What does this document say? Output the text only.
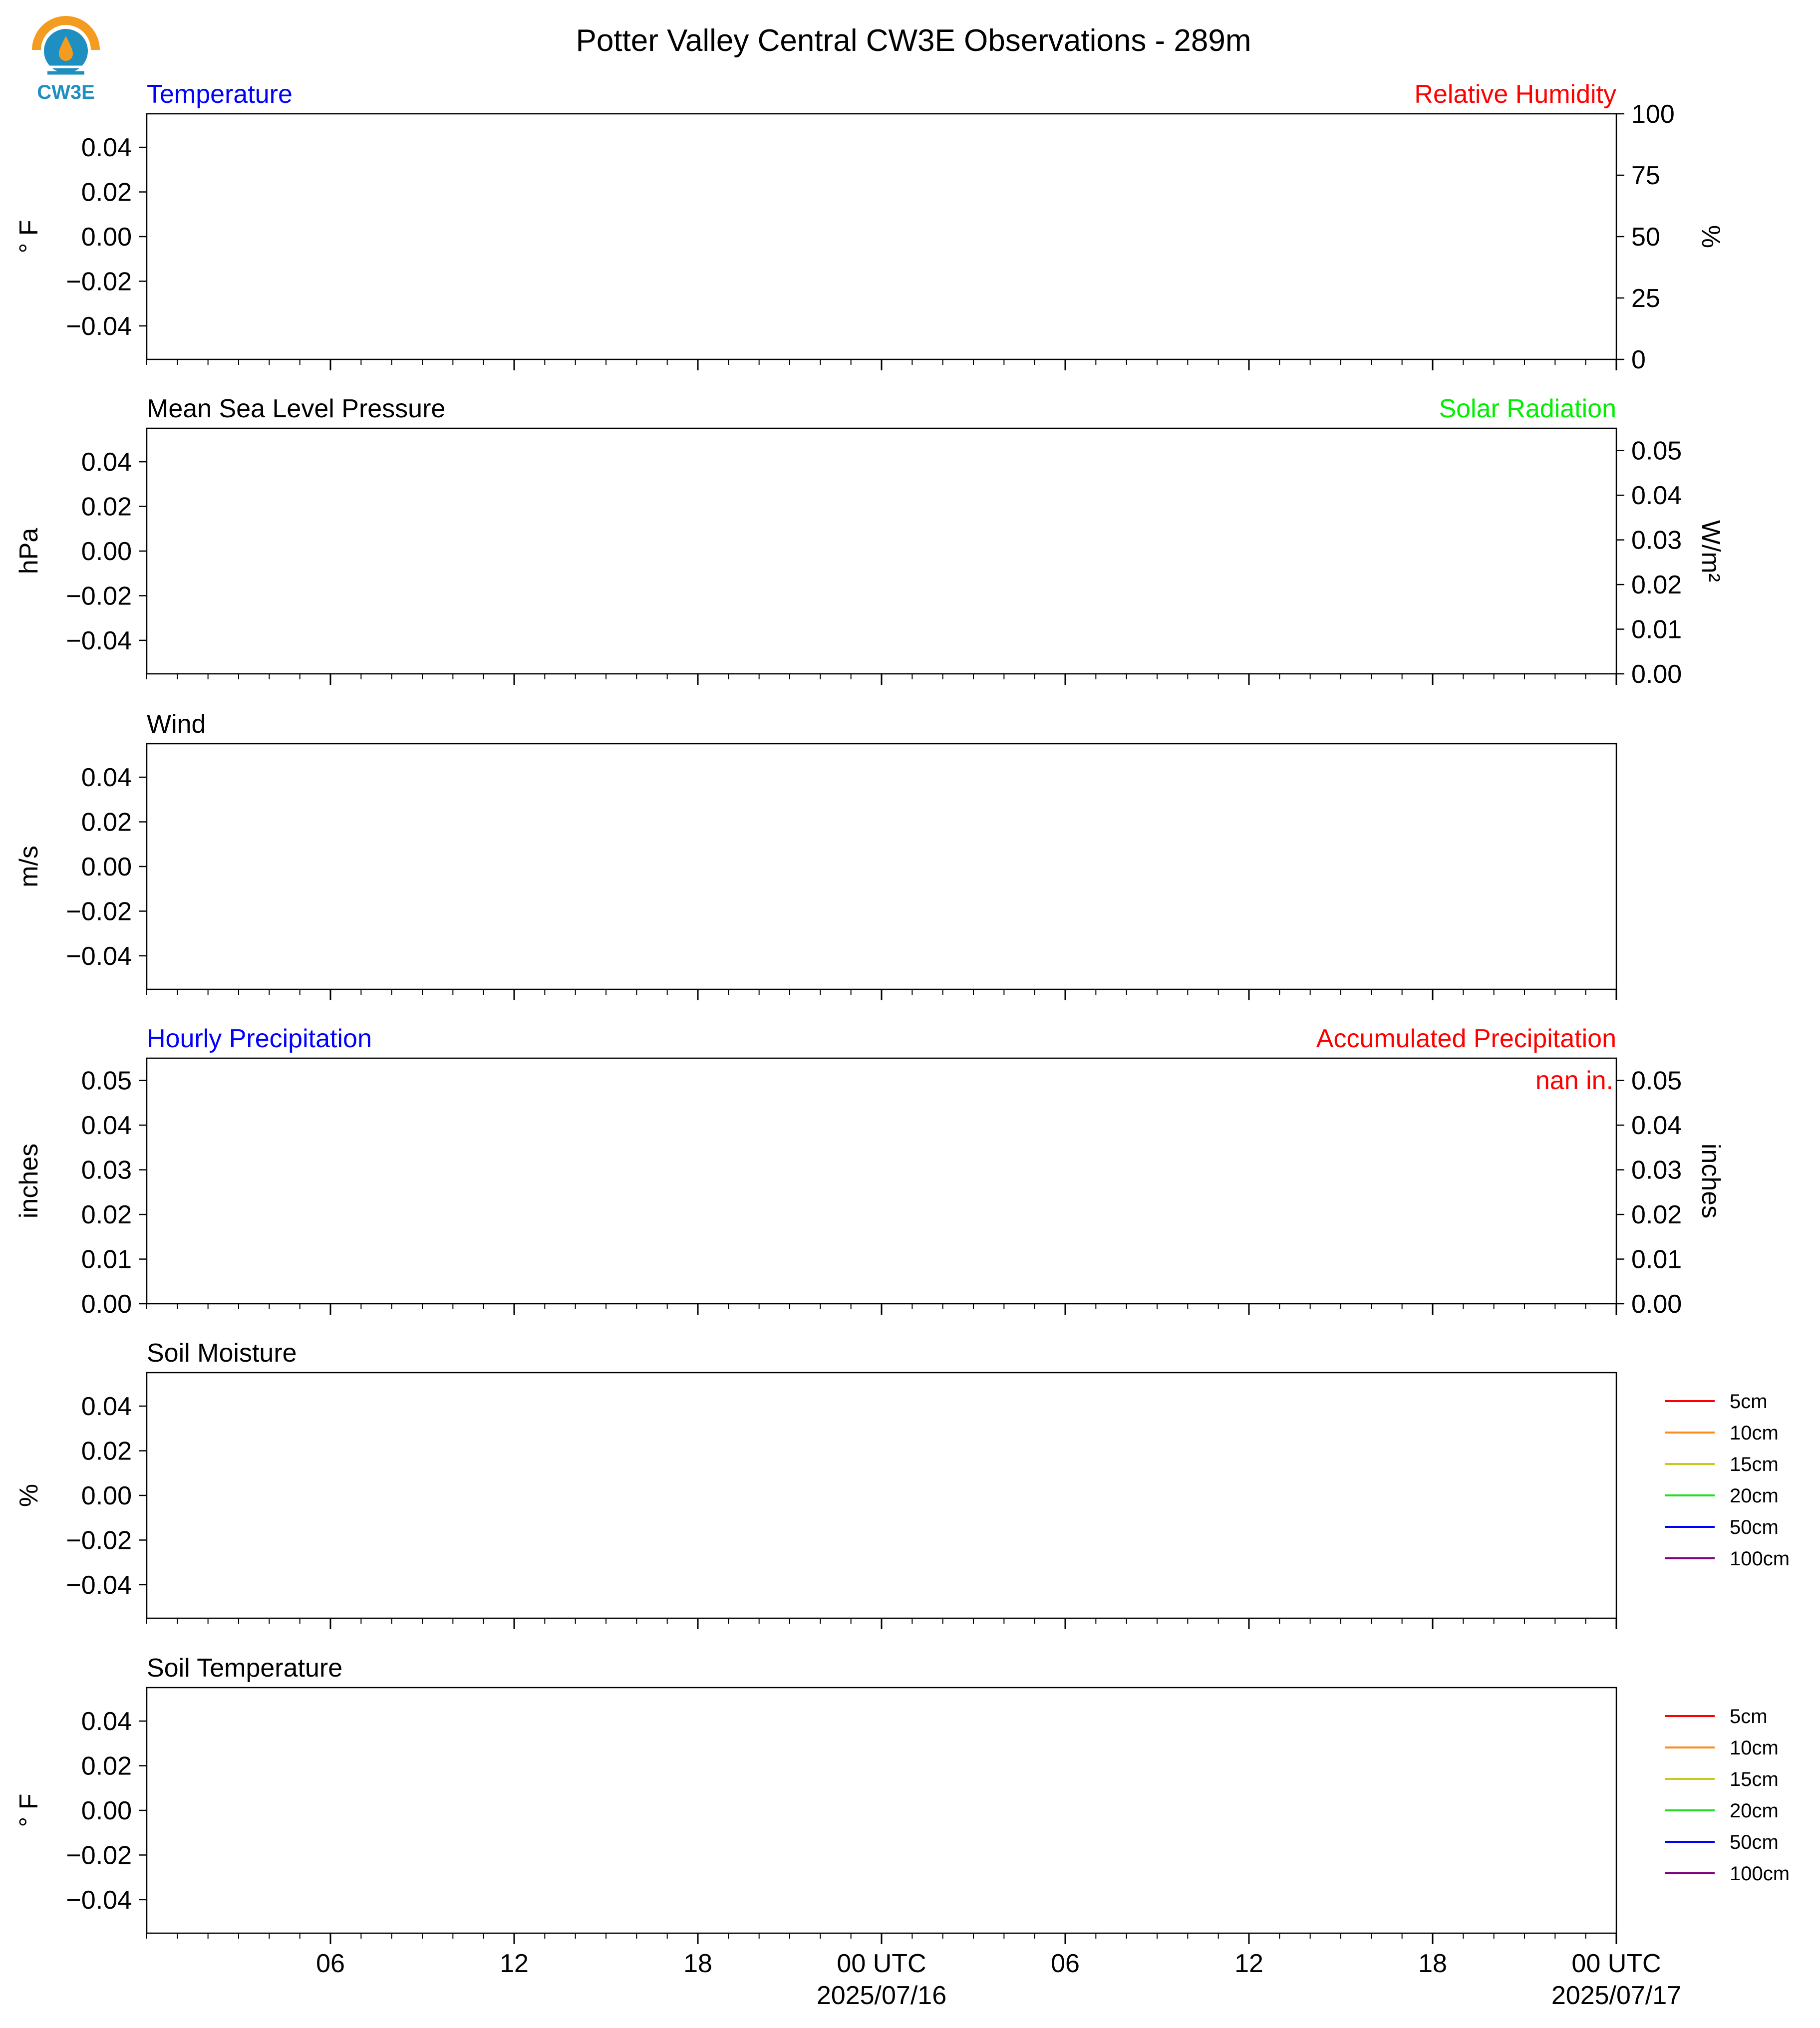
CW3E
Potter Valley Central CW3E Observations - 289m
Temperature	Relative Humidity
0.04
0.02
0.00
−0.02
−0.04
° F
100
75
50
25
0
%
Mean Sea Level Pressure	Solar Radiation
0.04
0.02
0.00
−0.02
−0.04
hPa
0.05
0.04
0.03
0.02
0.01
0.00
W/m²
Wind
0.04
0.02
0.00
−0.02
−0.04
m/s
Hourly Precipitation	Accumulated Precipitation
0.05
0.04
0.03
0.02
0.01
0.00
inches
0.05
0.04
0.03
0.02
0.01
0.00
inches
nan in.
Soil Moisture
0.04
0.02
0.00
−0.02
−0.04
%
5cm
10cm
15cm
20cm
50cm
100cm
Soil Temperature
0.04
0.02
0.00
−0.02
−0.04
° F
5cm
10cm
15cm
20cm
50cm
100cm
06	12	18	00 UTC	06	12	18	00 UTC
2025/07/16	2025/07/17
